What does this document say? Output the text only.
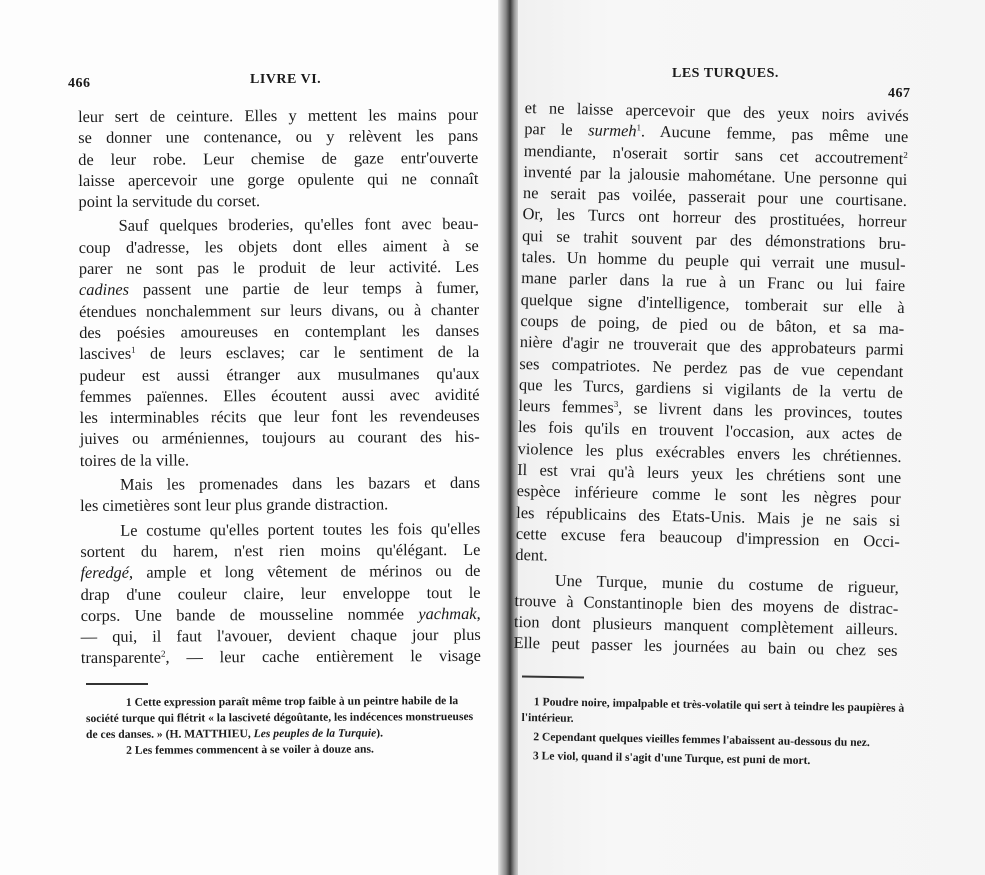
466	LIVRE VI.	LES TURQUES.
467
leur sert de ceinture. Elles y mettent les mains pour
se donner une contenance, ou y relèvent les pans
de leur robe. Leur chemise de gaze entr'ouverte
laisse apercevoir une gorge opulente qui ne connaît
point la servitude du corset.
Sauf quelques broderies, qu'elles font avec beau-
coup d'adresse, les objets dont elles aiment à se
parer ne sont pas le produit de leur activité. Les
cadines passent une partie de leur temps à fumer,
étendues nonchalemment sur leurs divans, ou à chanter
des poésies amoureuses en contemplant les danses
lascives$^1$ de leurs esclaves; car le sentiment de la
pudeur est aussi étranger aux musulmanes qu'aux
femmes païennes. Elles écoutent aussi avec avidité
les interminables récits que leur font les revendeuses
juives ou arméniennes, toujours au courant des his-
toires de la ville.
Mais les promenades dans les bazars et dans
les cimetières sont leur plus grande distraction.
Le costume qu'elles portent toutes les fois qu'elles
sortent du harem, n'est rien moins qu'élégant. Le
feredgé, ample et long vêtement de mérinos ou de
drap d'une couleur claire, leur enveloppe tout le
corps. Une bande de mousseline nommée yachmak,
— qui, il faut l'avouer, devient chaque jour plus
transparente$^2$, — leur cache entièrement le visage
1 Cette expression paraît même trop faible à un peintre habile de la société turque qui flétrit « la lasciveté dégoûtante, les indécences monstrueuses de ces danses. » (H. MATTHIEU, Les peuples de la Turquie).
2 Les femmes commencent à se voiler à douze ans.
et ne laisse apercevoir que des yeux noirs avivés
par le surmeh$^1$. Aucune femme, pas même une
mendiante, n'oserait sortir sans cet accoutrement$^2$
inventé par la jalousie mahométane. Une personne qui
ne serait pas voilée, passerait pour une courtisane.
Or, les Turcs ont horreur des prostituées, horreur
qui se trahit souvent par des démonstrations bru-
tales. Un homme du peuple qui verrait une musul-
mane parler dans la rue à un Franc ou lui faire
quelque signe d'intelligence, tomberait sur elle à
coups de poing, de pied ou de bâton, et sa ma-
nière d'agir ne trouverait que des approbateurs parmi
ses compatriotes. Ne perdez pas de vue cependant
que les Turcs, gardiens si vigilants de la vertu de
leurs femmes$^3$, se livrent dans les provinces, toutes
les fois qu'ils en trouvent l'occasion, aux actes de
violence les plus exécrables envers les chrétiennes.
Il est vrai qu'à leurs yeux les chrétiens sont une
espèce inférieure comme le sont les nègres pour
les républicains des Etats-Unis. Mais je ne sais si
cette excuse fera beaucoup d'impression en Occi-
dent.
Une Turque, munie du costume de rigueur,
trouve à Constantinople bien des moyens de distrac-
tion dont plusieurs manquent complètement ailleurs.
Elle peut passer les journées au bain ou chez ses
1 Poudre noire, impalpable et très-volatile qui sert à teindre les paupières à l'intérieur.
2 Cependant quelques vieilles femmes l'abaissent au-dessous du nez.
3 Le viol, quand il s'agit d'une Turque, est puni de mort.
